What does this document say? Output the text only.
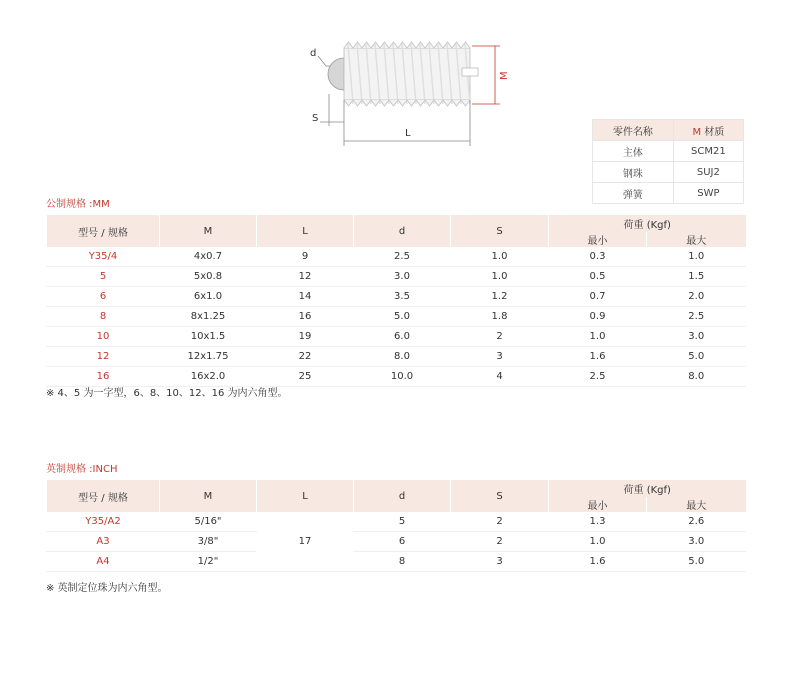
d
M
S
L	零件名称	M 材质
主体	SCM21
钢珠	SUJ2
弹簧	SWP
公制规格 :MM
型号 / 规格	M	L	d	S	荷重 (Kgf)	
					最小	最大
Y35/4	4x0.7	9	2.5	1.0	0.3	1.0
5	5x0.8	12	3.0	1.0	0.5	1.5
6	6x1.0	14	3.5	1.2	0.7	2.0
8	8x1.25	16	5.0	1.8	0.9	2.5
10	10x1.5	19	6.0	2	1.0	3.0
12	12x1.75	22	8.0	3	1.6	5.0
16	16x2.0	25	10.0	4	2.5	8.0
※ 4、5 为一字型，6、8、10、12、16 为内六角型。
英制规格 :INCH
型号 / 规格	M	L	d	S	荷重 (Kgf)	
					最小	最大
Y35/A2	5/16"	17	5	2	1.3	2.6
A3	3/8"		6	2	1.0	3.0
A4	1/2"		8	3	1.6	5.0
※ 英制定位珠为内六角型。
